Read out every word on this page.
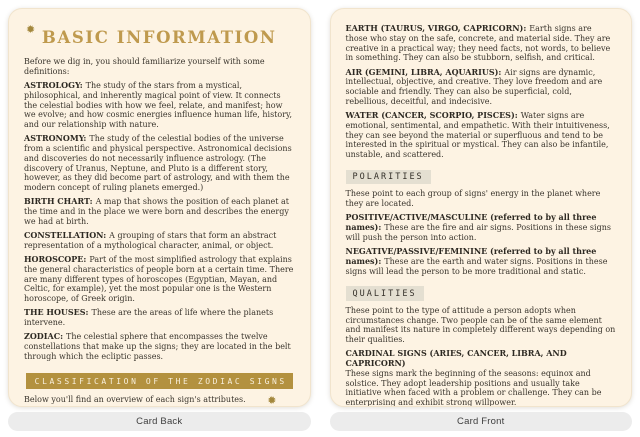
✹ BASIC INFORMATION

Before we dig in, you should familiarize yourself with some definitions:

ASTROLOGY: The study of the stars from a mystical, philosophical, and inherently magical point of view. It connects the celestial bodies with how we feel, relate, and manifest; how we evolve; and how cosmic energies influence human life, history, and our relationship with nature.

ASTRONOMY: The study of the celestial bodies of the universe from a scientific and physical perspective. Astronomical decisions and discoveries do not necessarily influence astrology. (The discovery of Uranus, Neptune, and Pluto is a different story, however, as they did become part of astrology, and with them the modern concept of ruling planets emerged.)

BIRTH CHART: A map that shows the position of each planet at the time and in the place we were born and describes the energy we had at birth.

CONSTELLATION: A grouping of stars that form an abstract representation of a mythological character, animal, or object.

HOROSCOPE: Part of the most simplified astrology that explains the general characteristics of people born at a certain time. There are many different types of horoscopes (Egyptian, Mayan, and Celtic, for example), yet the most popular one is the Western horoscope, of Greek origin.

THE HOUSES: These are the areas of life where the planets intervene.

ZODIAC: The celestial sphere that encompasses the twelve constellations that make up the signs; they are located in the belt through which the ecliptic passes.

CLASSIFICATION OF THE ZODIAC SIGNS

Below you'll find an overview of each sign's attributes. ✹

Card Back

EARTH (TAURUS, VIRGO, CAPRICORN): Earth signs are those who stay on the safe, concrete, and material side. They are creative in a practical way; they need facts, not words, to believe in something. They can also be stubborn, selfish, and critical.

AIR (GEMINI, LIBRA, AQUARIUS): Air signs are dynamic, intellectual, objective, and creative. They love freedom and are sociable and friendly. They can also be superficial, cold, rebellious, deceitful, and indecisive.

WATER (CANCER, SCORPIO, PISCES): Water signs are emotional, sentimental, and empathetic. With their intuitiveness, they can see beyond the material or superfluous and tend to be interested in the spiritual or mystical. They can also be infantile, unstable, and scattered.

POLARITIES

These point to each group of signs' energy in the planet where they are located.

POSITIVE/ACTIVE/MASCULINE (referred to by all three names): These are the fire and air signs. Positions in these signs will push the person into action.

NEGATIVE/PASSIVE/FEMININE (referred to by all three names): These are the earth and water signs. Positions in these signs will lead the person to be more traditional and static.

QUALITIES

These point to the type of attitude a person adopts when circumstances change. Two people can be of the same element and manifest its nature in completely different ways depending on their qualities.

CARDINAL SIGNS (ARIES, CANCER, LIBRA, AND CAPRICORN)
These signs mark the beginning of the seasons: equinox and solstice. They adopt leadership positions and usually take initiative when faced with a problem or challenge. They can be enterprising and exhibit strong willpower.

Card Front
